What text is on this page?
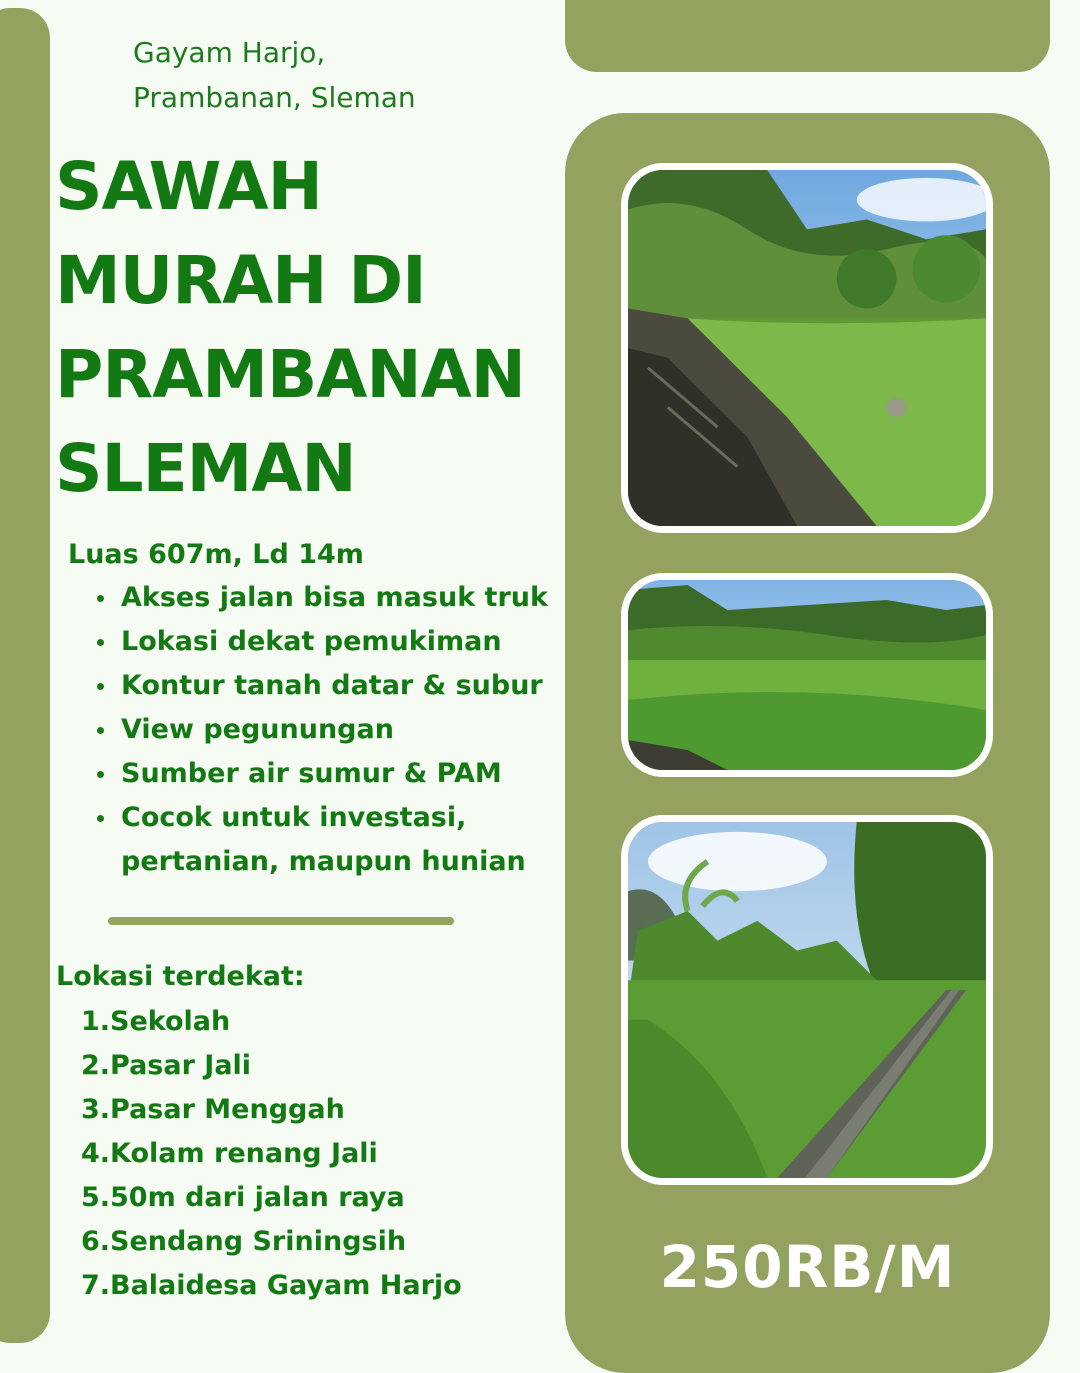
Gayam Harjo,
Prambanan, Sleman

SAWAH
MURAH DI
PRAMBANAN
SLEMAN

Luas 607m, Ld 14m

Akses jalan bisa masuk truk
Lokasi dekat pemukiman
Kontur tanah datar & subur
View pegunungan
Sumber air sumur & PAM
Cocok untuk investasi,
pertanian, maupun hunian

Lokasi terdekat:

1.Sekolah
2.Pasar Jali
3.Pasar Menggah
4.Kolam renang Jali
5.50m dari jalan raya
6.Sendang Sriningsih
7.Balaidesa Gayam Harjo	250RB/M
